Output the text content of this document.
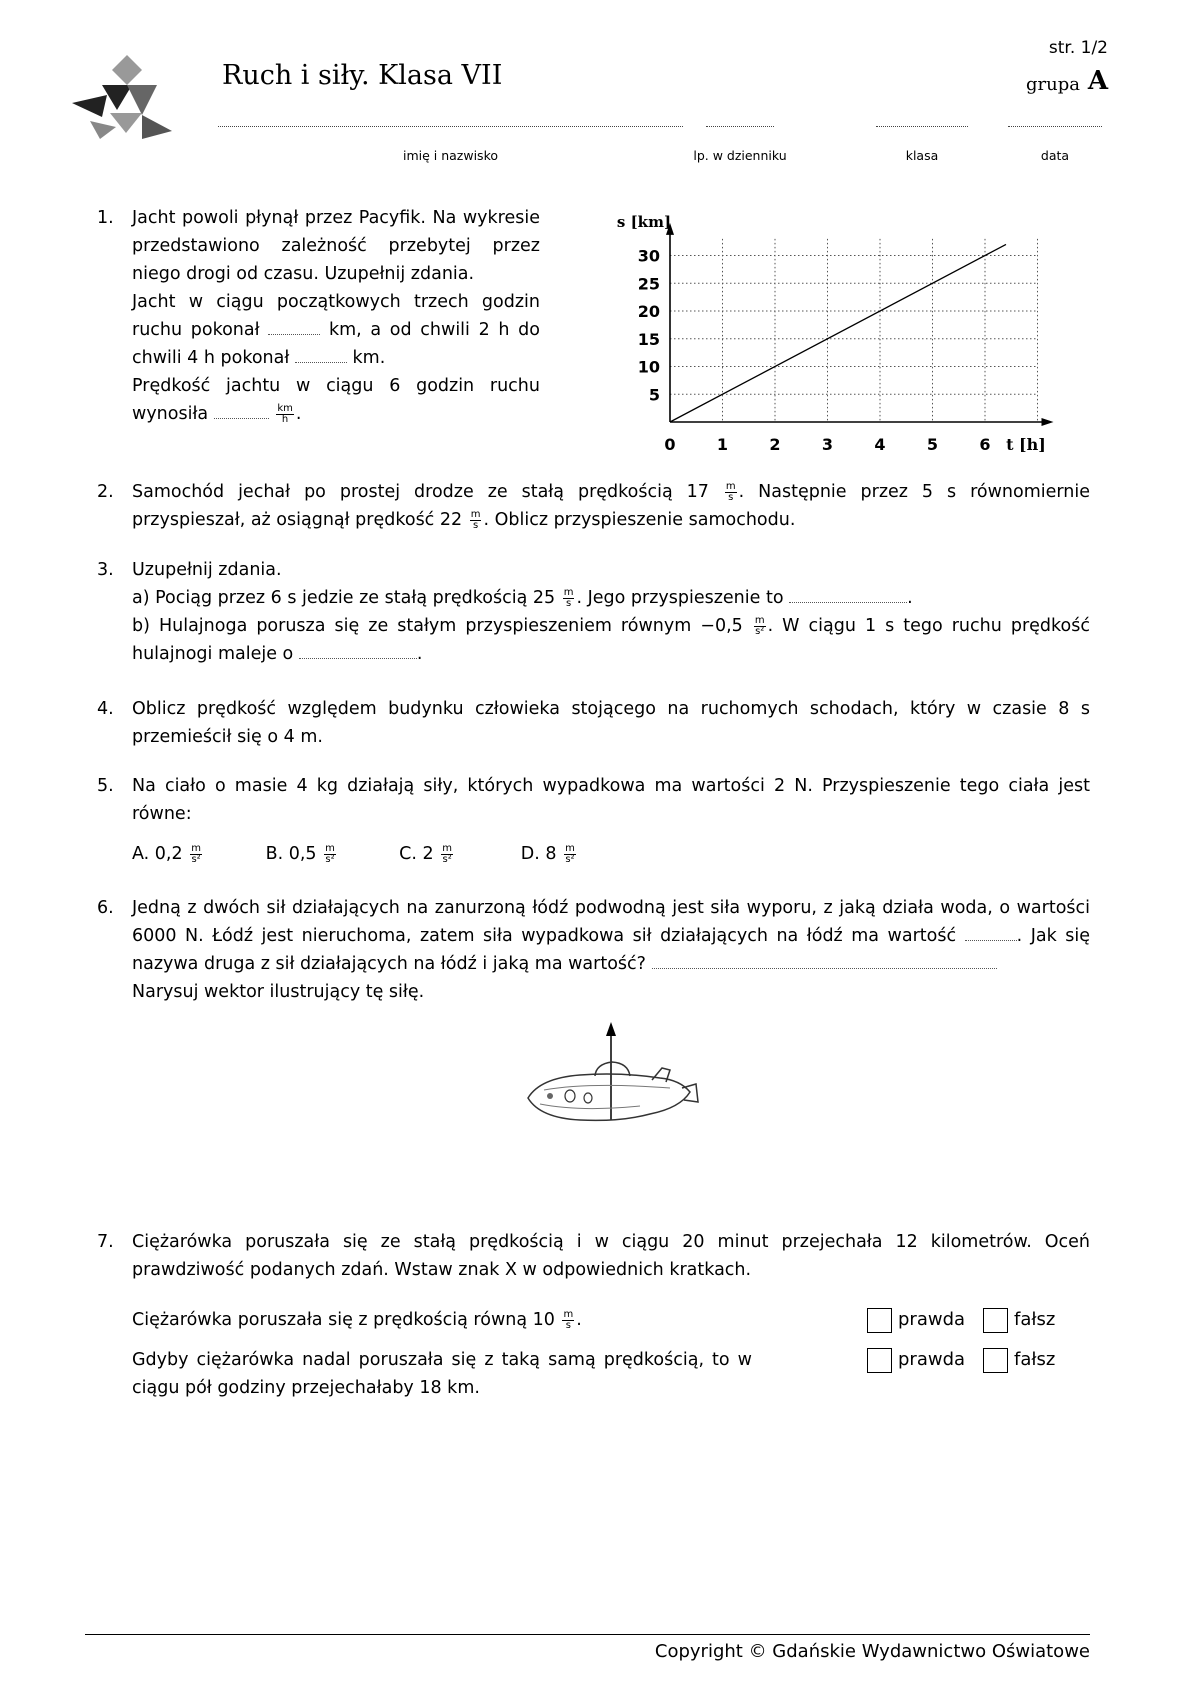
Ruch i siły. Klasa VII
str. 1/2
grupa A
imię i nazwisko	lp. w dzienniku	klasa	data
1. Jacht powoli płynął przez Pacyfik. Na wykresie przedstawiono zależność przebytej przez niego drogi od czasu. Uzupełnij zdania.
Jacht w ciągu początkowych trzech godzin ruchu pokonał	km, a od chwili 2 h do chwili 4 h pokonał	km.
Prędkość jachtu w ciągu 6 godzin ruchu wynosiła	$\frac{km}{h}$ .
0	1	2	3	4	5	6
5
10
15
20
25
30
s [km]
t [h]
2. Samochód jechał po prostej drodze ze stałą prędkością $17 \frac{m}{s}$ . Następnie przez 5 s równomiernie przyspieszał, aż osiągnął prędkość $22 \frac{m}{s}$ . Oblicz przyspieszenie samochodu.
3. Uzupełnij zdania.
a) Pociąg przez 6 s jedzie ze stałą prędkością $25 \frac{m}{s}$ . Jego przyspieszenie to	.
b) Hulajnoga porusza się ze stałym przyspieszeniem równym $-0,5 \frac{m}{\text{s²}}$ . W ciągu 1 s tego ruchu prędkość hulajnogi maleje o	.
4. Oblicz prędkość względem budynku człowieka stojącego na ruchomych schodach, który w czasie 8 s przemieścił się o 4 m.
5. Na ciało o masie 4 kg działają siły, których wypadkowa ma wartości 2 N. Przyspieszenie tego ciała jest równe:
A. $0,2 \frac{m}{\text{s²}}$	B. $0,5 \frac{m}{\text{s²}}$	C. $2 \frac{m}{\text{s²}}$	D. $8 \frac{m}{\text{s²}}$
6. Jedną z dwóch sił działających na zanurzoną łódź podwodną jest siła wyporu, z jaką działa woda, o wartości 6000 N. Łódź jest nieruchoma, zatem siła wypadkowa sił działających na łódź ma wartość	. Jak się nazywa druga z sił działających na łódź i jaką ma wartość?
Narysuj wektor ilustrujący tę siłę.
7. Ciężarówka poruszała się ze stałą prędkością i w ciągu 20 minut przejechała 12 kilometrów. Oceń prawdziwość podanych zdań. Wstaw znak X w odpowiednich kratkach.
Ciężarówka poruszała się z prędkością równą $10 \frac{m}{s}$ .	prawda	fałsz
Gdyby ciężarówka nadal poruszała się z taką samą prędkością, to w ciągu pół godziny przejechałaby 18 km.
prawda	fałsz
Copyright © Gdańskie Wydawnictwo Oświatowe
